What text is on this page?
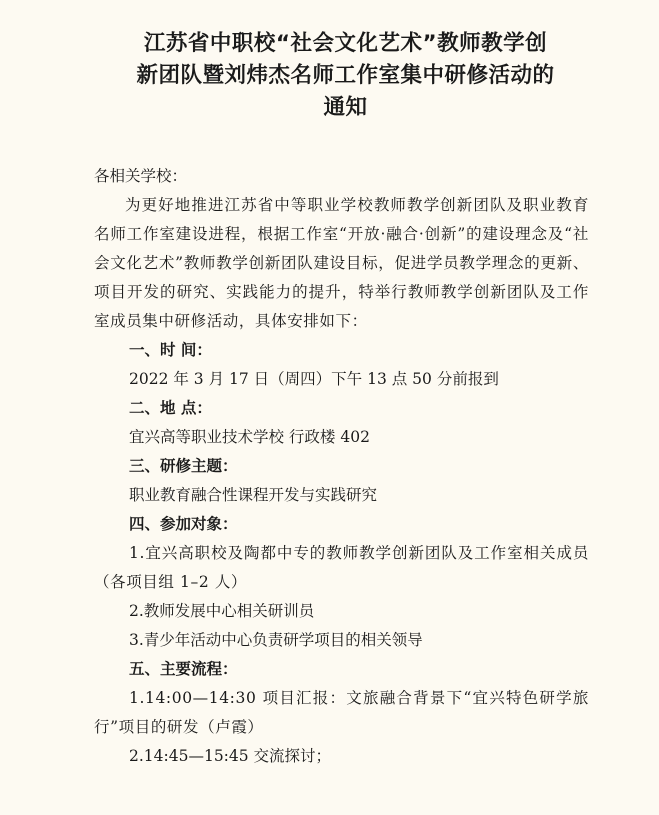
江苏省中职校“社会文化艺术”教师教学创
新团队暨刘炜杰名师工作室集中研修活动的
通知
各相关学校：

为更好地推进江苏省中等职业学校教师教学创新团队及职业教育名师工作室建设进程，根据工作室“开放·融合·创新”的建设理念及“社会文化艺术”教师教学创新团队建设目标，促进学员教学理念的更新、项目开发的研究、实践能力的提升，特举行教师教学创新团队及工作室成员集中研修活动，具体安排如下：

一、时 间：
2022 年 3 月 17 日（周四）下午 13 点 50 分前报到
二、地 点：
宜兴高等职业技术学校 行政楼 402
三、研修主题：
职业教育融合性课程开发与实践研究
四、参加对象：
1.宜兴高职校及陶都中专的教师教学创新团队及工作室相关成员（各项目组 1–2 人）
2.教师发展中心相关研训员
3.青少年活动中心负责研学项目的相关领导
五、主要流程：
1.14:00—14:30 项目汇报：文旅融合背景下“宜兴特色研学旅行”项目的研发（卢霞）
2.14:45—15:45 交流探讨；
